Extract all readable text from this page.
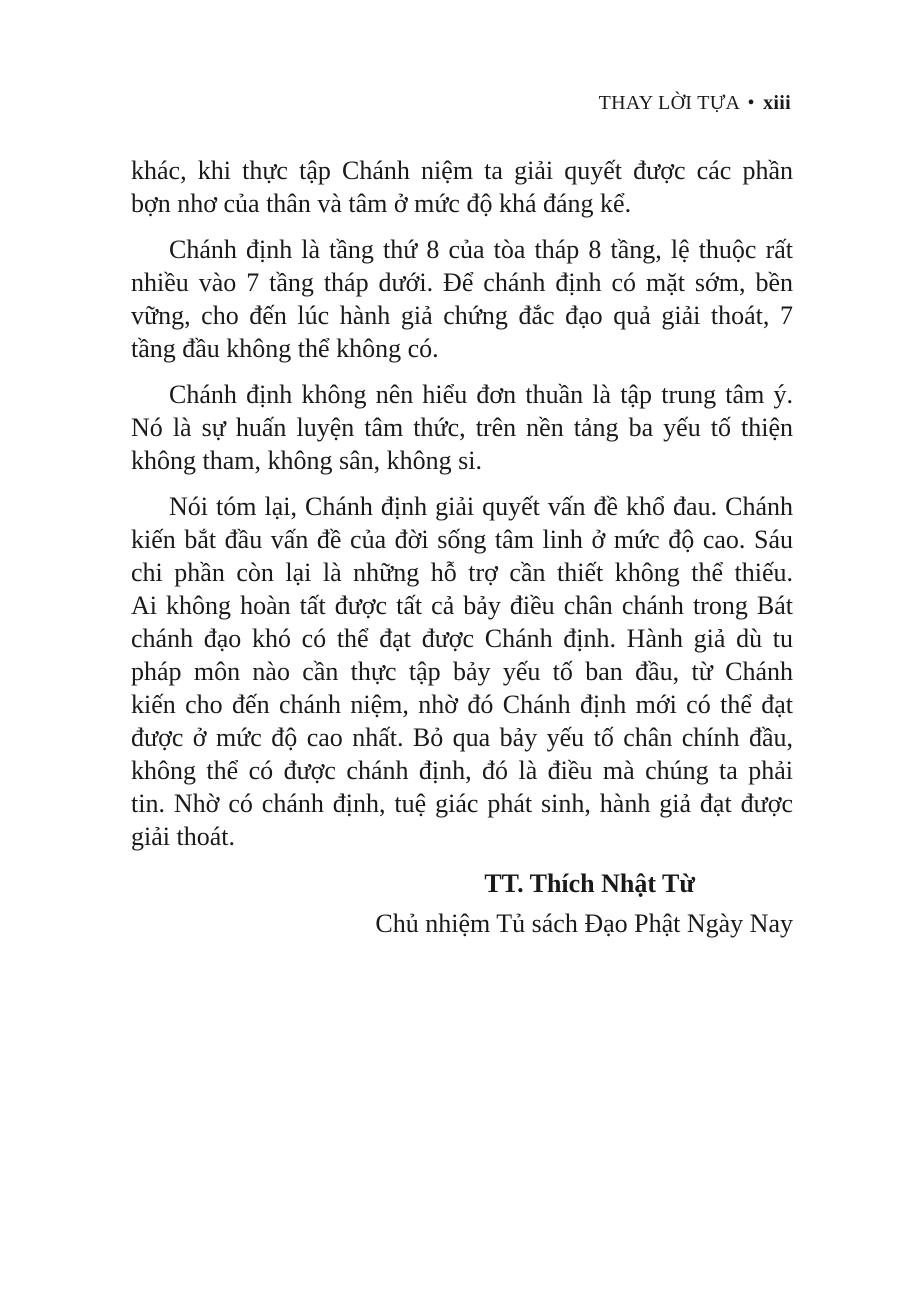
THAY LỜI TỰA • xiii
khác, khi thực tập Chánh niệm ta giải quyết được các phần
bợn nhơ của thân và tâm ở mức độ khá đáng kể.
Chánh định là tầng thứ 8 của tòa tháp 8 tầng, lệ thuộc rất
nhiều vào 7 tầng tháp dưới. Để chánh định có mặt sớm, bền
vững, cho đến lúc hành giả chứng đắc đạo quả giải thoát, 7
tầng đầu không thể không có.
Chánh định không nên hiểu đơn thuần là tập trung tâm ý.
Nó là sự huấn luyện tâm thức, trên nền tảng ba yếu tố thiện
không tham, không sân, không si.
Nói tóm lại, Chánh định giải quyết vấn đề khổ đau. Chánh
kiến bắt đầu vấn đề của đời sống tâm linh ở mức độ cao. Sáu
chi phần còn lại là những hỗ trợ cần thiết không thể thiếu.
Ai không hoàn tất được tất cả bảy điều chân chánh trong Bát
chánh đạo khó có thể đạt được Chánh định. Hành giả dù tu
pháp môn nào cần thực tập bảy yếu tố ban đầu, từ Chánh
kiến cho đến chánh niệm, nhờ đó Chánh định mới có thể đạt
được ở mức độ cao nhất. Bỏ qua bảy yếu tố chân chính đầu,
không thể có được chánh định, đó là điều mà chúng ta phải
tin. Nhờ có chánh định, tuệ giác phát sinh, hành giả đạt được
giải thoát.
TT. Thích Nhật Từ
Chủ nhiệm Tủ sách Đạo Phật Ngày Nay
